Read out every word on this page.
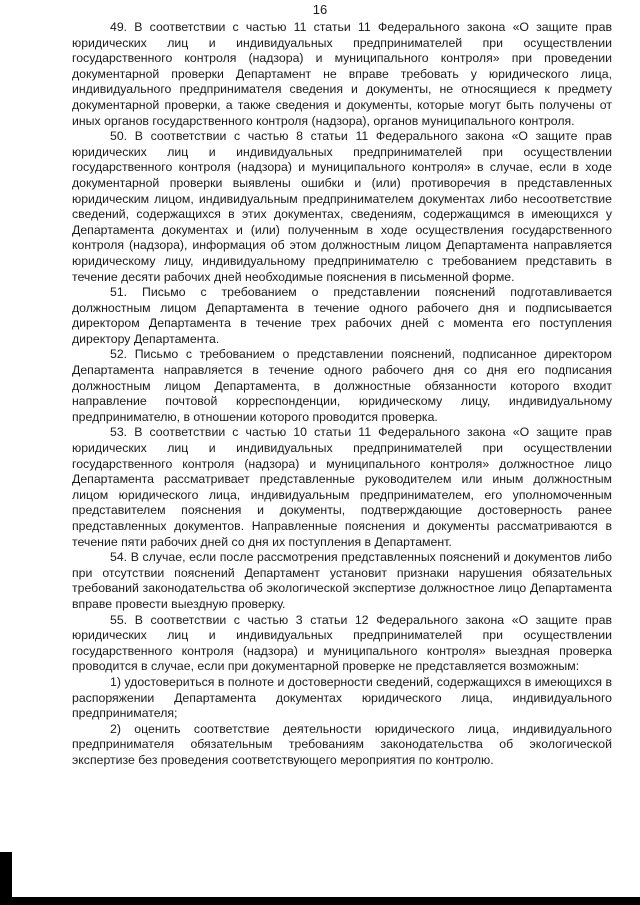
16

49. В соответствии с частью 11 статьи 11 Федерального закона «О защите прав юридических лиц и индивидуальных предпринимателей при осуществлении государственного контроля (надзора) и муниципального контроля» при проведении документарной проверки Департамент не вправе требовать у юридического лица, индивидуального предпринимателя сведения и документы, не относящиеся к предмету документарной проверки, а также сведения и документы, которые могут быть получены от иных органов государственного контроля (надзора), органов муниципального контроля.

50. В соответствии с частью 8 статьи 11 Федерального закона «О защите прав юридических лиц и индивидуальных предпринимателей при осуществлении государственного контроля (надзора) и муниципального контроля» в случае, если в ходе документарной проверки выявлены ошибки и (или) противоречия в представленных юридическим лицом, индивидуальным предпринимателем документах либо несоответствие сведений, содержащихся в этих документах, сведениям, содержащимся в имеющихся у Департамента документах и (или) полученным в ходе осуществления государственного контроля (надзора), информация об этом должностным лицом Департамента направляется юридическому лицу, индивидуальному предпринимателю с требованием представить в течение десяти рабочих дней необходимые пояснения в письменной форме.

51. Письмо с требованием о представлении пояснений подготавливается должностным лицом Департамента в течение одного рабочего дня и подписывается директором Департамента в течение трех рабочих дней с момента его поступления директору Департамента.

52. Письмо с требованием о представлении пояснений, подписанное директором Департамента направляется в течение одного рабочего дня со дня его подписания должностным лицом Департамента, в должностные обязанности которого входит направление почтовой корреспонденции, юридическому лицу, индивидуальному предпринимателю, в отношении которого проводится проверка.

53. В соответствии с частью 10 статьи 11 Федерального закона «О защите прав юридических лиц и индивидуальных предпринимателей при осуществлении государственного контроля (надзора) и муниципального контроля» должностное лицо Департамента рассматривает представленные руководителем или иным должностным лицом юридического лица, индивидуальным предпринимателем, его уполномоченным представителем пояснения и документы, подтверждающие достоверность ранее представленных документов. Направленные пояснения и документы рассматриваются в течение пяти рабочих дней со дня их поступления в Департамент.

54. В случае, если после рассмотрения представленных пояснений и документов либо при отсутствии пояснений Департамент установит признаки нарушения обязательных требований законодательства об экологической экспертизе должностное лицо Департамента вправе провести выездную проверку.

55. В соответствии с частью 3 статьи 12 Федерального закона «О защите прав юридических лиц и индивидуальных предпринимателей при осуществлении государственного контроля (надзора) и муниципального контроля» выездная проверка проводится в случае, если при документарной проверке не представляется возможным:

1) удостовериться в полноте и достоверности сведений, содержащихся в имеющихся в распоряжении Департамента документах юридического лица, индивидуального предпринимателя;

2) оценить соответствие деятельности юридического лица, индивидуального предпринимателя обязательным требованиям законодательства об экологической экспертизе без проведения соответствующего мероприятия по контролю.
